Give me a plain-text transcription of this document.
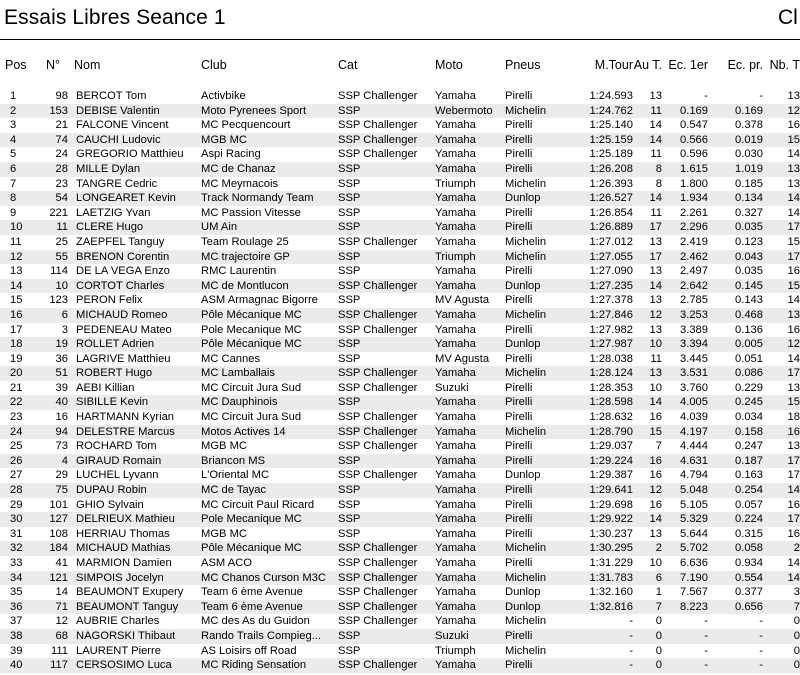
Essais Libres Seance 1	Cl
Pos	N°	Nom	Club	Cat	Moto	Pneus	M.Tour	Au T.	Ec. 1er	Ec. pr.	Nb. T

1	98	BERCOT Tom	Activbike	SSP Challenger	Yamaha	Pirelli	1:24.593	13	-	-	13
2	153	DEBISE Valentin	Moto Pyrenees Sport	SSP	Webermoto	Michelin	1:24.762	11	0.169	0.169	12
3	21	FALCONE Vincent	MC Pecquencourt	SSP Challenger	Yamaha	Pirelli	1:25.140	14	0.547	0.378	16
4	74	CAUCHI Ludovic	MGB MC	SSP Challenger	Yamaha	Pirelli	1:25.159	14	0.566	0.019	15
5	24	GREGORIO Matthieu	Aspi Racing	SSP Challenger	Yamaha	Pirelli	1:25.189	11	0.596	0.030	14
6	28	MILLE Dylan	MC de Chanaz	SSP	Yamaha	Pirelli	1:26.208	8	1.615	1.019	13
7	23	TANGRE Cedric	MC Meymacois	SSP	Triumph	Michelin	1:26.393	8	1.800	0.185	13
8	54	LONGEARET Kevin	Track Normandy Team	SSP	Yamaha	Dunlop	1:26.527	14	1.934	0.134	14
9	221	LAETZIG Yvan	MC Passion Vitesse	SSP	Yamaha	Pirelli	1:26.854	11	2.261	0.327	14
10	11	CLERE Hugo	UM Ain	SSP	Yamaha	Pirelli	1:26.889	17	2.296	0.035	17
11	25	ZAEPFEL Tanguy	Team Roulage 25	SSP Challenger	Yamaha	Michelin	1:27.012	13	2.419	0.123	15
12	55	BRENON Corentin	MC trajectoire GP	SSP	Triumph	Michelin	1:27.055	17	2.462	0.043	17
13	114	DE LA VEGA Enzo	RMC Laurentin	SSP	Yamaha	Pirelli	1:27.090	13	2.497	0.035	16
14	10	CORTOT Charles	MC de Montlucon	SSP Challenger	Yamaha	Dunlop	1:27.235	14	2.642	0.145	15
15	123	PERON Felix	ASM Armagnac Bigorre	SSP	MV Agusta	Pirelli	1:27.378	13	2.785	0.143	14
16	6	MICHAUD Romeo	Pôle Mécanique MC	SSP Challenger	Yamaha	Michelin	1:27.846	12	3.253	0.468	13
17	3	PEDENEAU Mateo	Pole Mecanique MC	SSP Challenger	Yamaha	Pirelli	1:27.982	13	3.389	0.136	16
18	19	ROLLET Adrien	Pôle Mécanique MC	SSP	Yamaha	Dunlop	1:27.987	10	3.394	0.005	12
19	36	LAGRIVE Matthieu	MC Cannes	SSP	MV Agusta	Pirelli	1:28.038	11	3.445	0.051	14
20	51	ROBERT Hugo	MC Lamballais	SSP Challenger	Yamaha	Michelin	1:28.124	13	3.531	0.086	17
21	39	AEBI Killian	MC Circuit Jura Sud	SSP Challenger	Suzuki	Pirelli	1:28.353	10	3.760	0.229	13
22	40	SIBILLE Kevin	MC Dauphinois	SSP	Yamaha	Pirelli	1:28.598	14	4.005	0.245	15
23	16	HARTMANN Kyrian	MC Circuit Jura Sud	SSP Challenger	Yamaha	Pirelli	1:28.632	16	4.039	0.034	18
24	94	DELESTRE Marcus	Motos Actives 14	SSP Challenger	Yamaha	Michelin	1:28.790	15	4.197	0.158	16
25	73	ROCHARD Tom	MGB MC	SSP Challenger	Yamaha	Pirelli	1:29.037	7	4.444	0.247	13
26	4	GIRAUD Romain	Briancon MS	SSP	Yamaha	Pirelli	1:29.224	16	4.631	0.187	17
27	29	LUCHEL Lyvann	L'Oriental MC	SSP Challenger	Yamaha	Dunlop	1:29.387	16	4.794	0.163	17
28	75	DUPAU Robin	MC de Tayac	SSP	Yamaha	Pirelli	1:29.641	12	5.048	0.254	14
29	101	GHIO Sylvain	MC Circuit Paul Ricard	SSP	Yamaha	Pirelli	1:29.698	16	5.105	0.057	16
30	127	DELRIEUX Mathieu	Pole Mecanique MC	SSP	Yamaha	Pirelli	1:29.922	14	5.329	0.224	17
31	108	HERRIAU Thomas	MGB MC	SSP	Yamaha	Pirelli	1:30.237	13	5.644	0.315	16
32	184	MICHAUD Mathias	Pôle Mécanique MC	SSP Challenger	Yamaha	Michelin	1:30.295	2	5.702	0.058	2
33	41	MARMION Damien	ASM ACO	SSP Challenger	Yamaha	Pirelli	1:31.229	10	6.636	0.934	14
34	121	SIMPOIS Jocelyn	MC Chanos Curson M3C	SSP Challenger	Yamaha	Michelin	1:31.783	6	7.190	0.554	14
35	14	BEAUMONT Exupery	Team 6 ème Avenue	SSP Challenger	Yamaha	Dunlop	1:32.160	1	7.567	0.377	3
36	71	BEAUMONT Tanguy	Team 6 ème Avenue	SSP Challenger	Yamaha	Dunlop	1:32.816	7	8.223	0.656	7
37	12	AUBRIE Charles	MC des As du Guidon	SSP Challenger	Yamaha	Michelin	-	0	-	-	0
38	68	NAGORSKI Thibaut	Rando Trails Compieg...	SSP	Suzuki	Pirelli	-	0	-	-	0
39	111	LAURENT Pierre	AS Loisirs off Road	SSP	Triumph	Michelin	-	0	-	-	0
40	117	CERSOSIMO Luca	MC Riding Sensation	SSP Challenger	Yamaha	Pirelli	-	0	-	-	0
